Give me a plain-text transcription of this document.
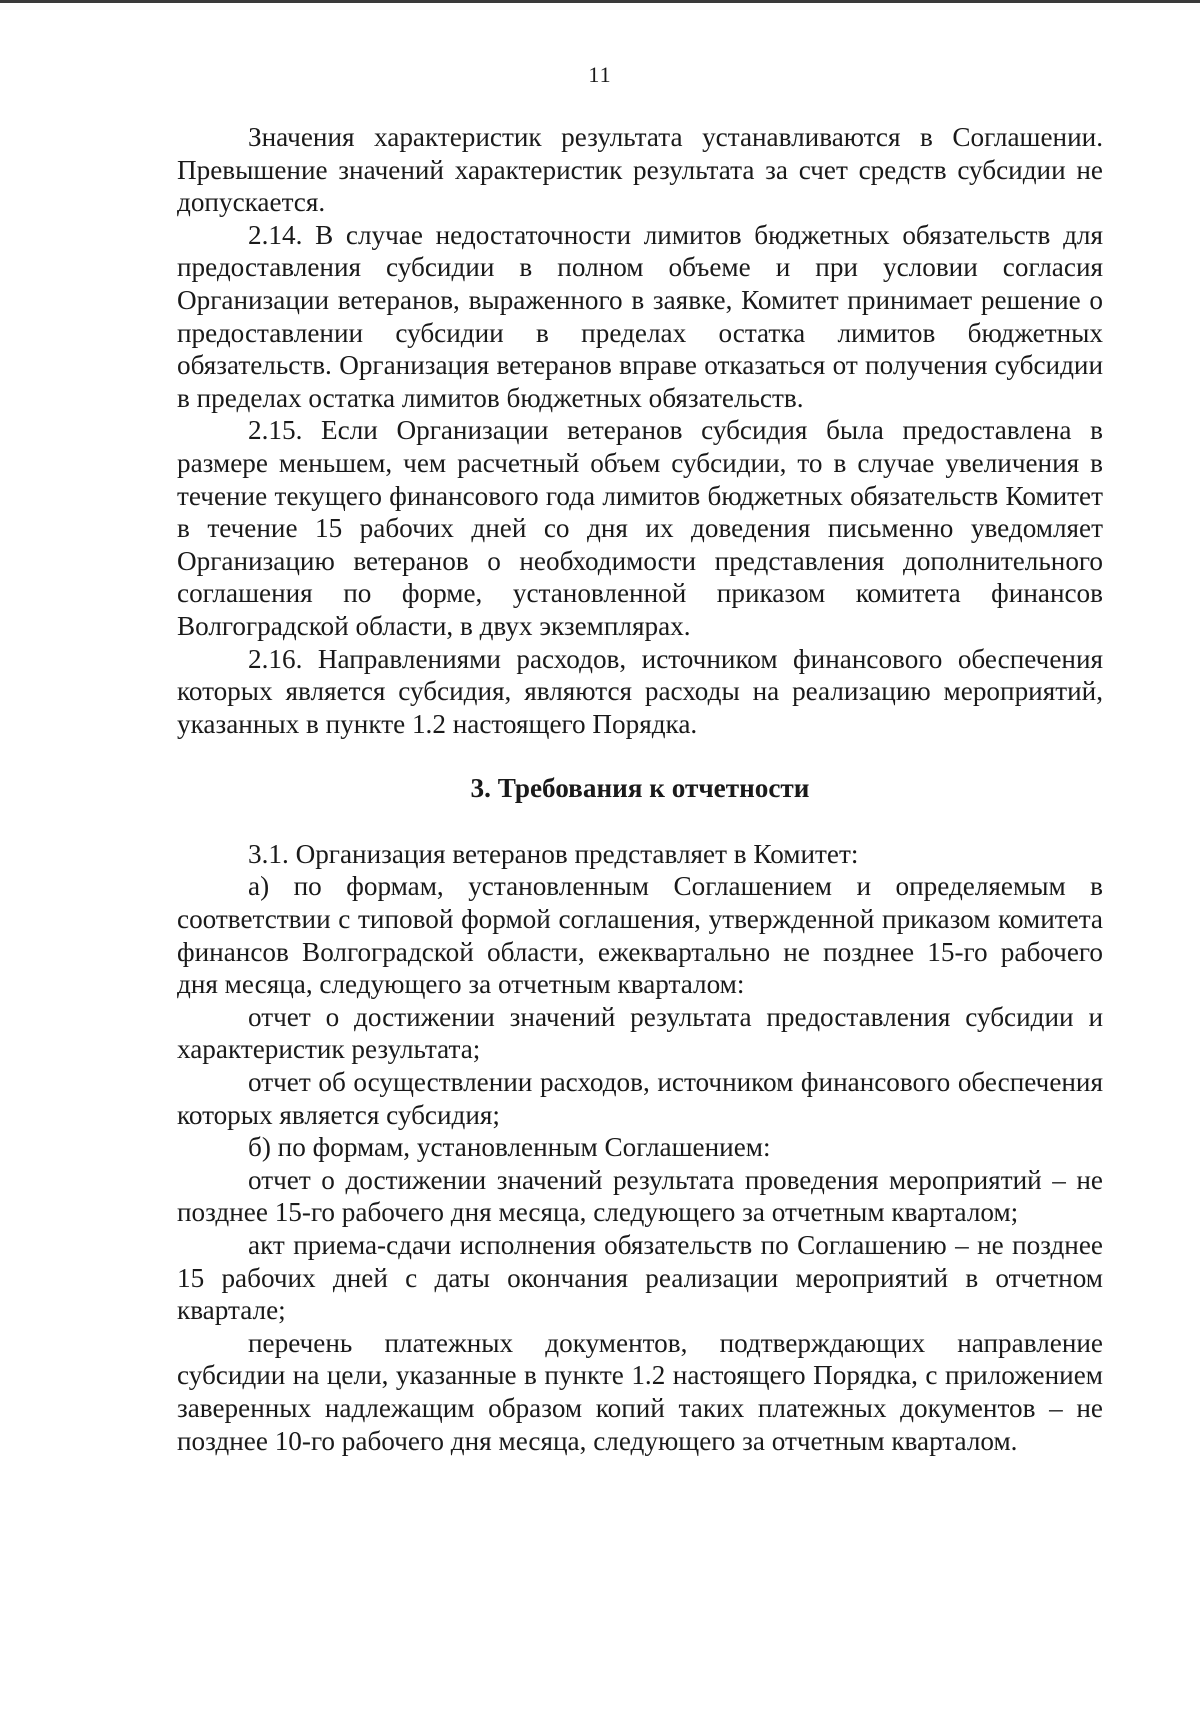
11

Значения характеристик результата устанавливаются в Соглашении. Превышение значений характеристик результата за счет средств субсидии не допускается.

2.14. В случае недостаточности лимитов бюджетных обязательств для предоставления субсидии в полном объеме и при условии согласия Организации ветеранов, выраженного в заявке, Комитет принимает решение о предоставлении субсидии в пределах остатка лимитов бюджетных обязательств. Организация ветеранов вправе отказаться от получения субсидии в пределах остатка лимитов бюджетных обязательств.

2.15. Если Организации ветеранов субсидия была предоставлена в размере меньшем, чем расчетный объем субсидии, то в случае увеличения в течение текущего финансового года лимитов бюджетных обязательств Комитет в течение 15 рабочих дней со дня их доведения письменно уведомляет Организацию ветеранов о необходимости представления дополнительного соглашения по форме, установленной приказом комитета финансов Волгоградской области, в двух экземплярах.

2.16. Направлениями расходов, источником финансового обеспечения которых является субсидия, являются расходы на реализацию мероприятий, указанных в пункте 1.2 настоящего Порядка.

3. Требования к отчетности

3.1. Организация ветеранов представляет в Комитет:

а) по формам, установленным Соглашением и определяемым в соответствии с типовой формой соглашения, утвержденной приказом комитета финансов Волгоградской области, ежеквартально не позднее 15-го рабочего дня месяца, следующего за отчетным кварталом:

отчет о достижении значений результата предоставления субсидии и характеристик результата;

отчет об осуществлении расходов, источником финансового обеспечения которых является субсидия;

б) по формам, установленным Соглашением:

отчет о достижении значений результата проведения мероприятий – не позднее 15-го рабочего дня месяца, следующего за отчетным кварталом;

акт приема-сдачи исполнения обязательств по Соглашению – не позднее 15 рабочих дней с даты окончания реализации мероприятий в отчетном квартале;

перечень платежных документов, подтверждающих направление субсидии на цели, указанные в пункте 1.2 настоящего Порядка, с приложением заверенных надлежащим образом копий таких платежных документов – не позднее 10-го рабочего дня месяца, следующего за отчетным кварталом.
